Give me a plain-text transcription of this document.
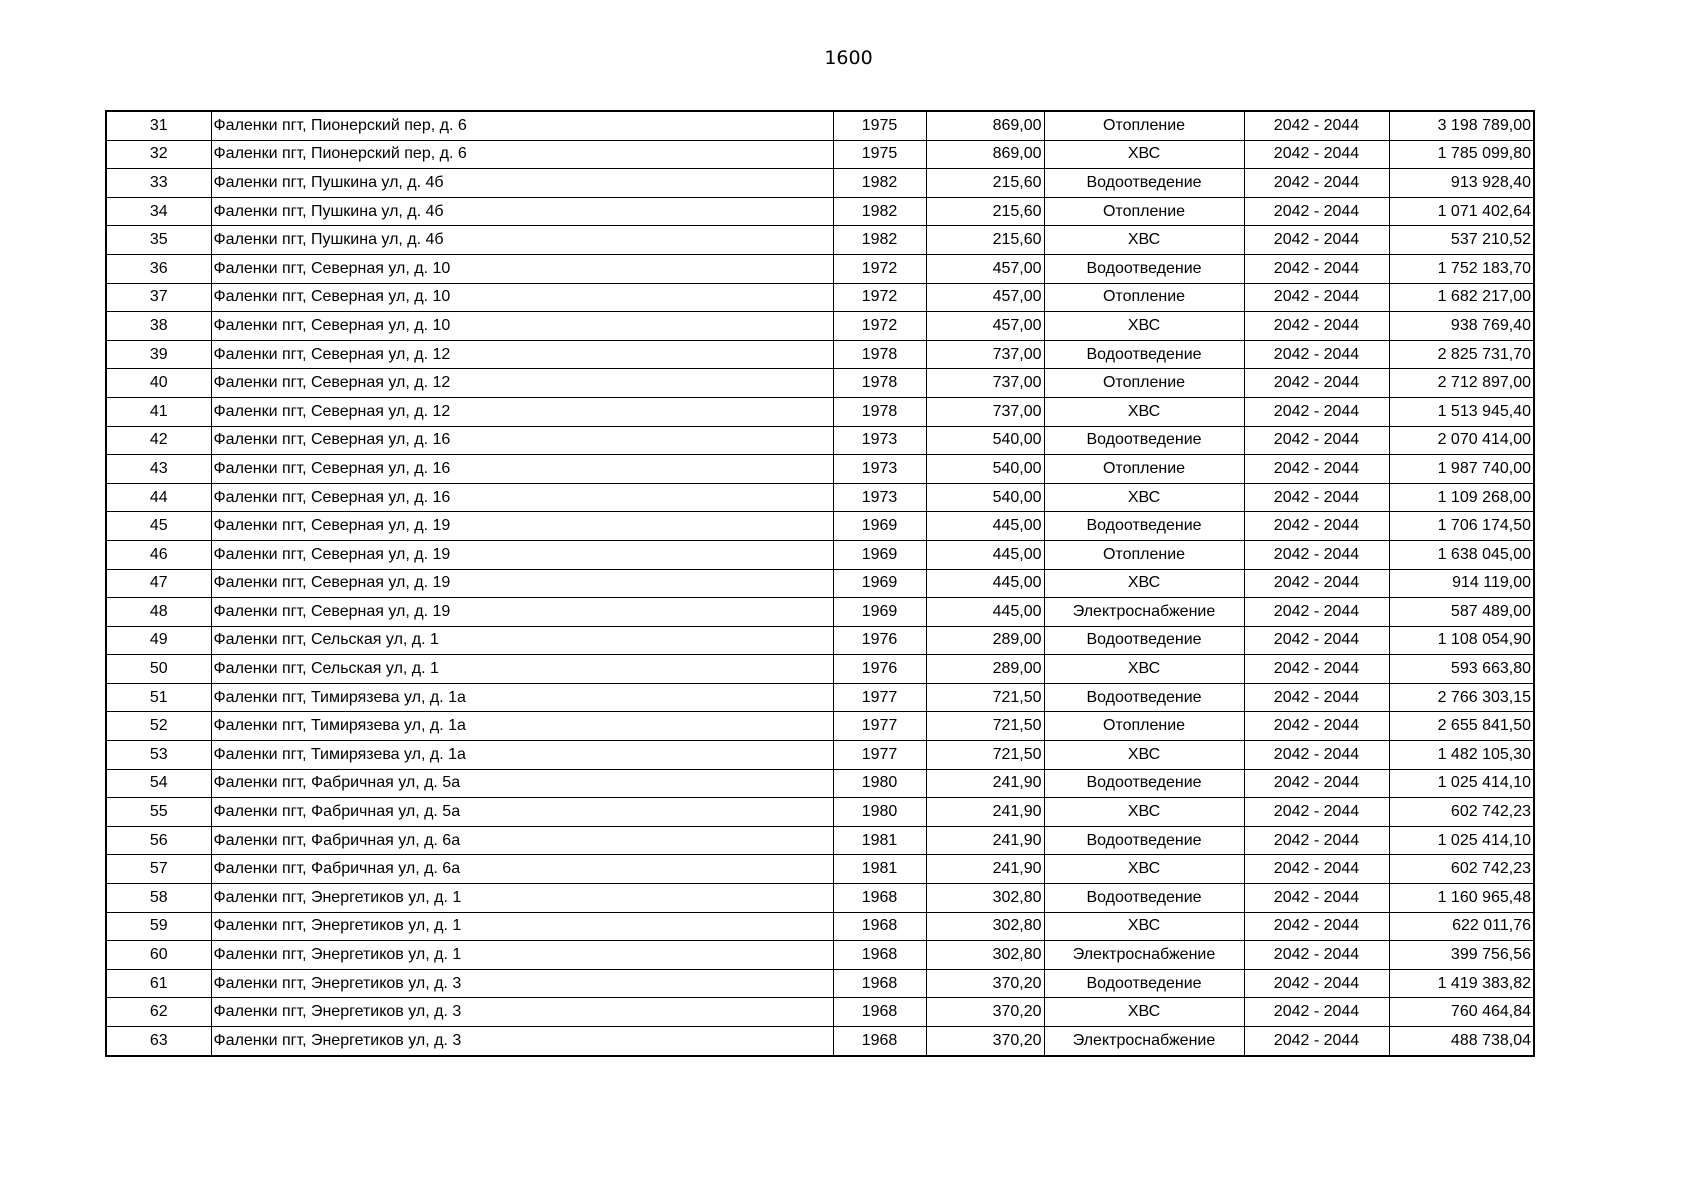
1600
31	Фаленки пгт, Пионерский пер, д. 6	1975	869,00	Отопление	2042 - 2044	3 198 789,00
32	Фаленки пгт, Пионерский пер, д. 6	1975	869,00	ХВС	2042 - 2044	1 785 099,80
33	Фаленки пгт, Пушкина ул, д. 4б	1982	215,60	Водоотведение	2042 - 2044	913 928,40
34	Фаленки пгт, Пушкина ул, д. 4б	1982	215,60	Отопление	2042 - 2044	1 071 402,64
35	Фаленки пгт, Пушкина ул, д. 4б	1982	215,60	ХВС	2042 - 2044	537 210,52
36	Фаленки пгт, Северная ул, д. 10	1972	457,00	Водоотведение	2042 - 2044	1 752 183,70
37	Фаленки пгт, Северная ул, д. 10	1972	457,00	Отопление	2042 - 2044	1 682 217,00
38	Фаленки пгт, Северная ул, д. 10	1972	457,00	ХВС	2042 - 2044	938 769,40
39	Фаленки пгт, Северная ул, д. 12	1978	737,00	Водоотведение	2042 - 2044	2 825 731,70
40	Фаленки пгт, Северная ул, д. 12	1978	737,00	Отопление	2042 - 2044	2 712 897,00
41	Фаленки пгт, Северная ул, д. 12	1978	737,00	ХВС	2042 - 2044	1 513 945,40
42	Фаленки пгт, Северная ул, д. 16	1973	540,00	Водоотведение	2042 - 2044	2 070 414,00
43	Фаленки пгт, Северная ул, д. 16	1973	540,00	Отопление	2042 - 2044	1 987 740,00
44	Фаленки пгт, Северная ул, д. 16	1973	540,00	ХВС	2042 - 2044	1 109 268,00
45	Фаленки пгт, Северная ул, д. 19	1969	445,00	Водоотведение	2042 - 2044	1 706 174,50
46	Фаленки пгт, Северная ул, д. 19	1969	445,00	Отопление	2042 - 2044	1 638 045,00
47	Фаленки пгт, Северная ул, д. 19	1969	445,00	ХВС	2042 - 2044	914 119,00
48	Фаленки пгт, Северная ул, д. 19	1969	445,00	Электроснабжение	2042 - 2044	587 489,00
49	Фаленки пгт, Сельская ул, д. 1	1976	289,00	Водоотведение	2042 - 2044	1 108 054,90
50	Фаленки пгт, Сельская ул, д. 1	1976	289,00	ХВС	2042 - 2044	593 663,80
51	Фаленки пгт, Тимирязева ул, д. 1а	1977	721,50	Водоотведение	2042 - 2044	2 766 303,15
52	Фаленки пгт, Тимирязева ул, д. 1а	1977	721,50	Отопление	2042 - 2044	2 655 841,50
53	Фаленки пгт, Тимирязева ул, д. 1а	1977	721,50	ХВС	2042 - 2044	1 482 105,30
54	Фаленки пгт, Фабричная ул, д. 5а	1980	241,90	Водоотведение	2042 - 2044	1 025 414,10
55	Фаленки пгт, Фабричная ул, д. 5а	1980	241,90	ХВС	2042 - 2044	602 742,23
56	Фаленки пгт, Фабричная ул, д. 6а	1981	241,90	Водоотведение	2042 - 2044	1 025 414,10
57	Фаленки пгт, Фабричная ул, д. 6а	1981	241,90	ХВС	2042 - 2044	602 742,23
58	Фаленки пгт, Энергетиков ул, д. 1	1968	302,80	Водоотведение	2042 - 2044	1 160 965,48
59	Фаленки пгт, Энергетиков ул, д. 1	1968	302,80	ХВС	2042 - 2044	622 011,76
60	Фаленки пгт, Энергетиков ул, д. 1	1968	302,80	Электроснабжение	2042 - 2044	399 756,56
61	Фаленки пгт, Энергетиков ул, д. 3	1968	370,20	Водоотведение	2042 - 2044	1 419 383,82
62	Фаленки пгт, Энергетиков ул, д. 3	1968	370,20	ХВС	2042 - 2044	760 464,84
63	Фаленки пгт, Энергетиков ул, д. 3	1968	370,20	Электроснабжение	2042 - 2044	488 738,04
